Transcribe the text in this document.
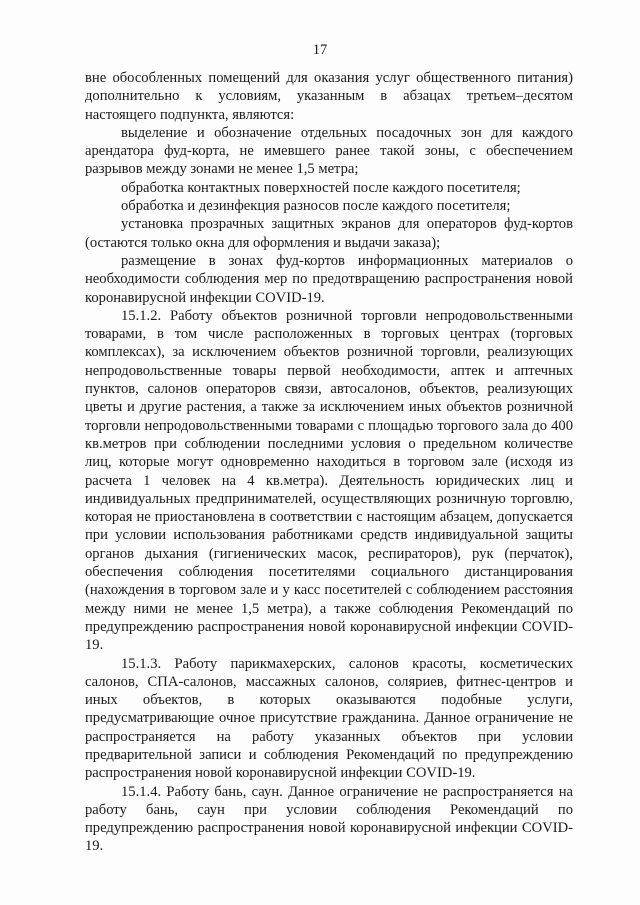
17

вне обособленных помещений для оказания услуг общественного питания) дополнительно к условиям, указанным в абзацах третьем–десятом настоящего подпункта, являются:

выделение и обозначение отдельных посадочных зон для каждого арендатора фуд-корта, не имевшего ранее такой зоны, с обеспечением разрывов между зонами не менее 1,5 метра;

обработка контактных поверхностей после каждого посетителя;

обработка и дезинфекция разносов после каждого посетителя;

установка прозрачных защитных экранов для операторов фуд-кортов (остаются только окна для оформления и выдачи заказа);

размещение в зонах фуд-кортов информационных материалов о необходимости соблюдения мер по предотвращению распространения новой коронавирусной инфекции COVID-19.

15.1.2. Работу объектов розничной торговли непродовольственными товарами, в том числе расположенных в торговых центрах (торговых комплексах), за исключением объектов розничной торговли, реализующих непродовольственные товары первой необходимости, аптек и аптечных пунктов, салонов операторов связи, автосалонов, объектов, реализующих цветы и другие растения, а также за исключением иных объектов розничной торговли непродовольственными товарами с площадью торгового зала до 400 кв.метров при соблюдении последними условия о предельном количестве лиц, которые могут одновременно находиться в торговом зале (исходя из расчета 1 человек на 4 кв.метра). Деятельность юридических лиц и индивидуальных предпринимателей, осуществляющих розничную торговлю, которая не приостановлена в соответствии с настоящим абзацем, допускается при условии использования работниками средств индивидуальной защиты органов дыхания (гигиенических масок, респираторов), рук (перчаток), обеспечения соблюдения посетителями социального дистанцирования (нахождения в торговом зале и у касс посетителей с соблюдением расстояния между ними не менее 1,5 метра), а также соблюдения Рекомендаций по предупреждению распространения новой коронавирусной инфекции COVID-19.

15.1.3. Работу парикмахерских, салонов красоты, косметических салонов, СПА-салонов, массажных салонов, соляриев, фитнес-центров и иных объектов, в которых оказываются подобные услуги, предусматривающие очное присутствие гражданина. Данное ограничение не распространяется на работу указанных объектов при условии предварительной записи и соблюдения Рекомендаций по предупреждению распространения новой коронавирусной инфекции COVID-19.

15.1.4. Работу бань, саун. Данное ограничение не распространяется на работу бань, саун при условии соблюдения Рекомендаций по предупреждению распространения новой коронавирусной инфекции COVID-19.
